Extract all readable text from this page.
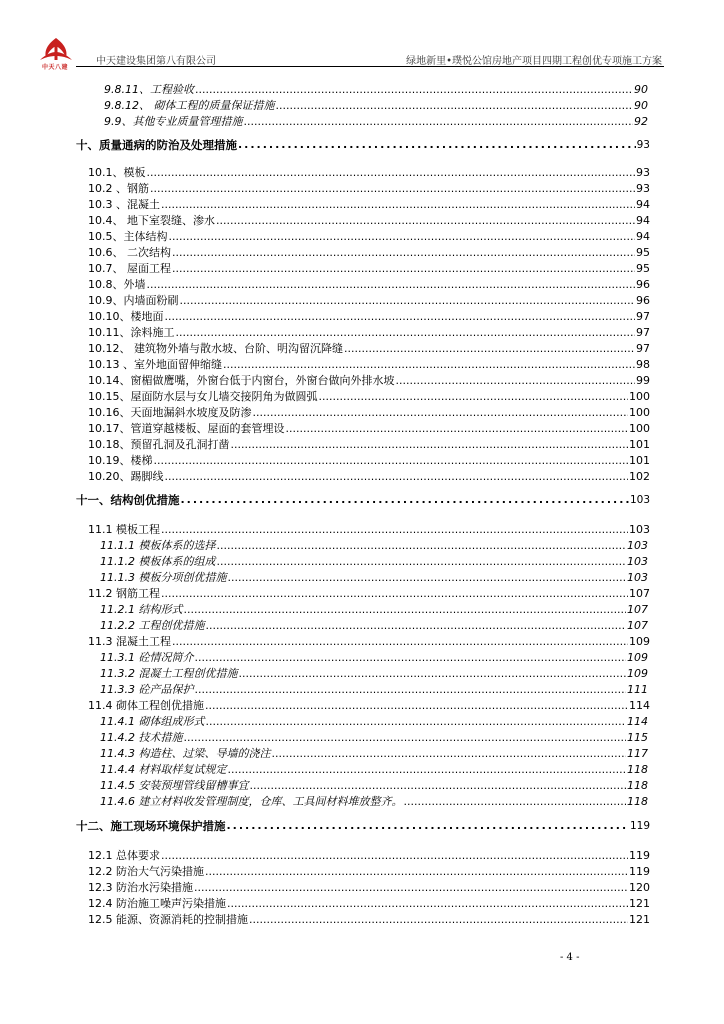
中天八建
中天建设集团第八有限公司	绿地新里•璞悦公馆房地产项目四期工程创优专项施工方案
9.8.11、工程验收 .....	90
9.8.12、 砌体工程的质量保证措施 .....	90
9.9、其他专业质量管理措施 .....	92
十、质量通病的防治及处理措施 .....	93
10.1、模板 .....	93
10.2 、钢筋 .....	93
10.3 、混凝土 .....	94
10.4、 地下室裂缝、渗水 .....	94
10.5、主体结构 .....	94
10.6、 二次结构 .....	95
10.7、 屋面工程 .....	95
10.8、外墙 .....	96
10.9、内墙面粉刷 .....	96
10.10、楼地面 .....	97
10.11、涂料施工 .....	97
10.12、 建筑物外墙与散水坡、台阶、明沟留沉降缝 .....	97
10.13 、室外地面留伸缩缝 .....	98
10.14、窗楣做鹰嘴，外窗台低于内窗台，外窗台做向外排水坡 .....	99
10.15、屋面防水层与女儿墙交接阴角为做圆弧 .....	100
10.16、天面地漏斜水坡度及防渗 .....	100
10.17、管道穿越楼板、屋面的套管埋设 .....	100
10.18、预留孔洞及孔洞打凿 .....	101
10.19、楼梯 .....	101
10.20、踢脚线 .....	102
十一、结构创优措施 .....	103
11.1 模板工程 .....	103
11.1.1 模板体系的选择 .....	103
11.1.2 模板体系的组成 .....	103
11.1.3 模板分项创优措施 .....	103
11.2 钢筋工程 .....	107
11.2.1 结构形式 .....	107
11.2.2 工程创优措施 .....	107
11.3 混凝土工程 .....	109
11.3.1 砼情况简介 .....	109
11.3.2 混凝土工程创优措施 .....	109
11.3.3 砼产品保护 .....	111
11.4 砌体工程创优措施 .....	114
11.4.1 砌体组成形式 .....	114
11.4.2 技术措施 .....	115
11.4.3 构造柱、过梁、导墙的浇注 .....	117
11.4.4 材料取样复试规定 .....	118
11.4.5 安装预埋管线留槽事宜 .....	118
11.4.6 建立材料收发管理制度，仓库、工具间材料堆放整齐。 .....	118
十二、施工现场环境保护措施 .....	119
12.1 总体要求 .....	119
12.2 防治大气污染措施 .....	119
12.3 防治水污染措施 .....	120
12.4 防治施工噪声污染措施 .....	121
12.5 能源、资源消耗的控制措施 .....	121
- 4 -
